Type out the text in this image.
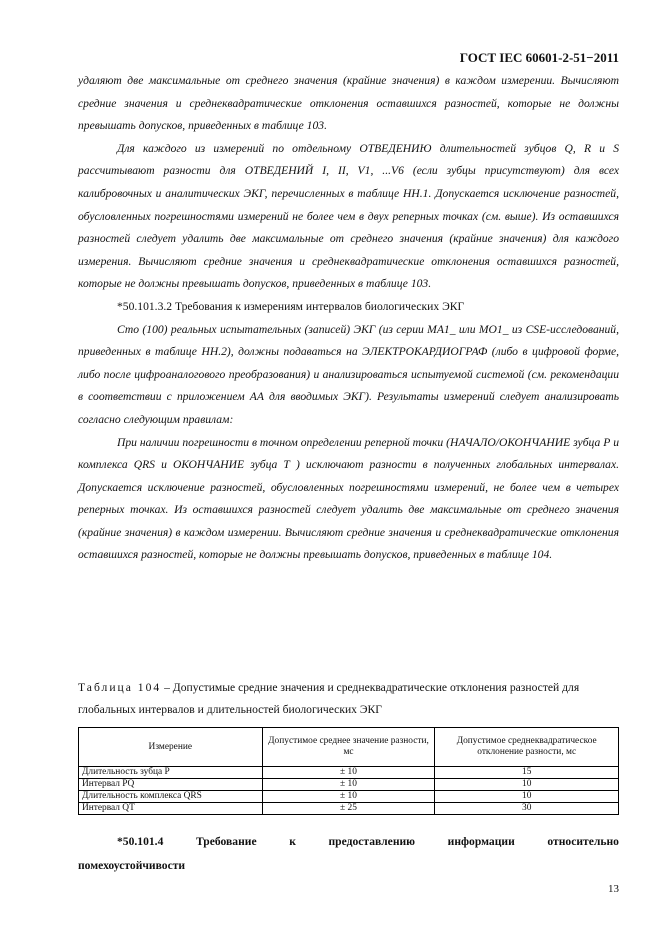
ГОСТ IEC 60601-2-51−2011

удаляют две максимальные от среднего значения (крайние значения) в каждом измерении. Вычисляют средние значения и среднеквадратические отклонения оставшихся разностей, которые не должны превышать допусков, приведенных в таблице 103.

Для каждого из измерений по отдельному ОТВЕДЕНИЮ длительностей зубцов Q, R и S рассчитывают разности для ОТВЕДЕНИЙ I, II, V1, ...V6 (если зубцы присутствуют) для всех калибровочных и аналитических ЭКГ, перечисленных в таблице НН.1. Допускается исключение разностей, обусловленных погрешностями измерений не более чем в двух реперных точках (см. выше). Из оставшихся разностей следует удалить две максимальные от среднего значения (крайние значения) для каждого измерения. Вычисляют средние значения и среднеквадратические отклонения оставшихся разностей, которые не должны превышать допусков, приведенных в таблице 103.

*50.101.3.2 Требования к измерениям интервалов биологических ЭКГ

Сто (100) реальных испытательных (записей) ЭКГ (из серии МА1_ или МО1_ из CSE-исследований, приведенных в таблице НН.2), должны подаваться на ЭЛЕКТРОКАРДИОГРАФ (либо в цифровой форме, либо после цифроаналогового преобразования) и анализироваться испытуемой системой (см. рекомендации в соответствии с приложением АА для вводимых ЭКГ). Результаты измерений следует анализировать согласно следующим правилам:

При наличии погрешности в точном определении реперной точки (НАЧАЛО/ОКОНЧАНИЕ зубца Р и комплекса QRS и ОКОНЧАНИЕ зубца Т ) исключают разности в полученных глобальных интервалах. Допускается исключение разностей, обусловленных погрешностями измерений, не более чем в четырех реперных точках. Из оставшихся разностей следует удалить две максимальные от среднего значения (крайние значения) в каждом измерении. Вычисляют средние значения и среднеквадратические отклонения оставшихся разностей, которые не должны превышать допусков, приведенных в таблице 104.

Таблица 104 – Допустимые средние значения и среднеквадратические отклонения разностей для глобальных интервалов и длительностей биологических ЭКГ
Измерение	Допустимое среднее значение разности, мс	Допустимое среднеквадратическое отклонение разности, мс
Длительность зубца Р	± 10	15
Интервал PQ	± 10	10
Длительность комплекса QRS	± 10	10
Интервал QT	± 25	30
*50.101.4	Требование	к	предоставлению	информации	относительно
помехоустойчивости
13
